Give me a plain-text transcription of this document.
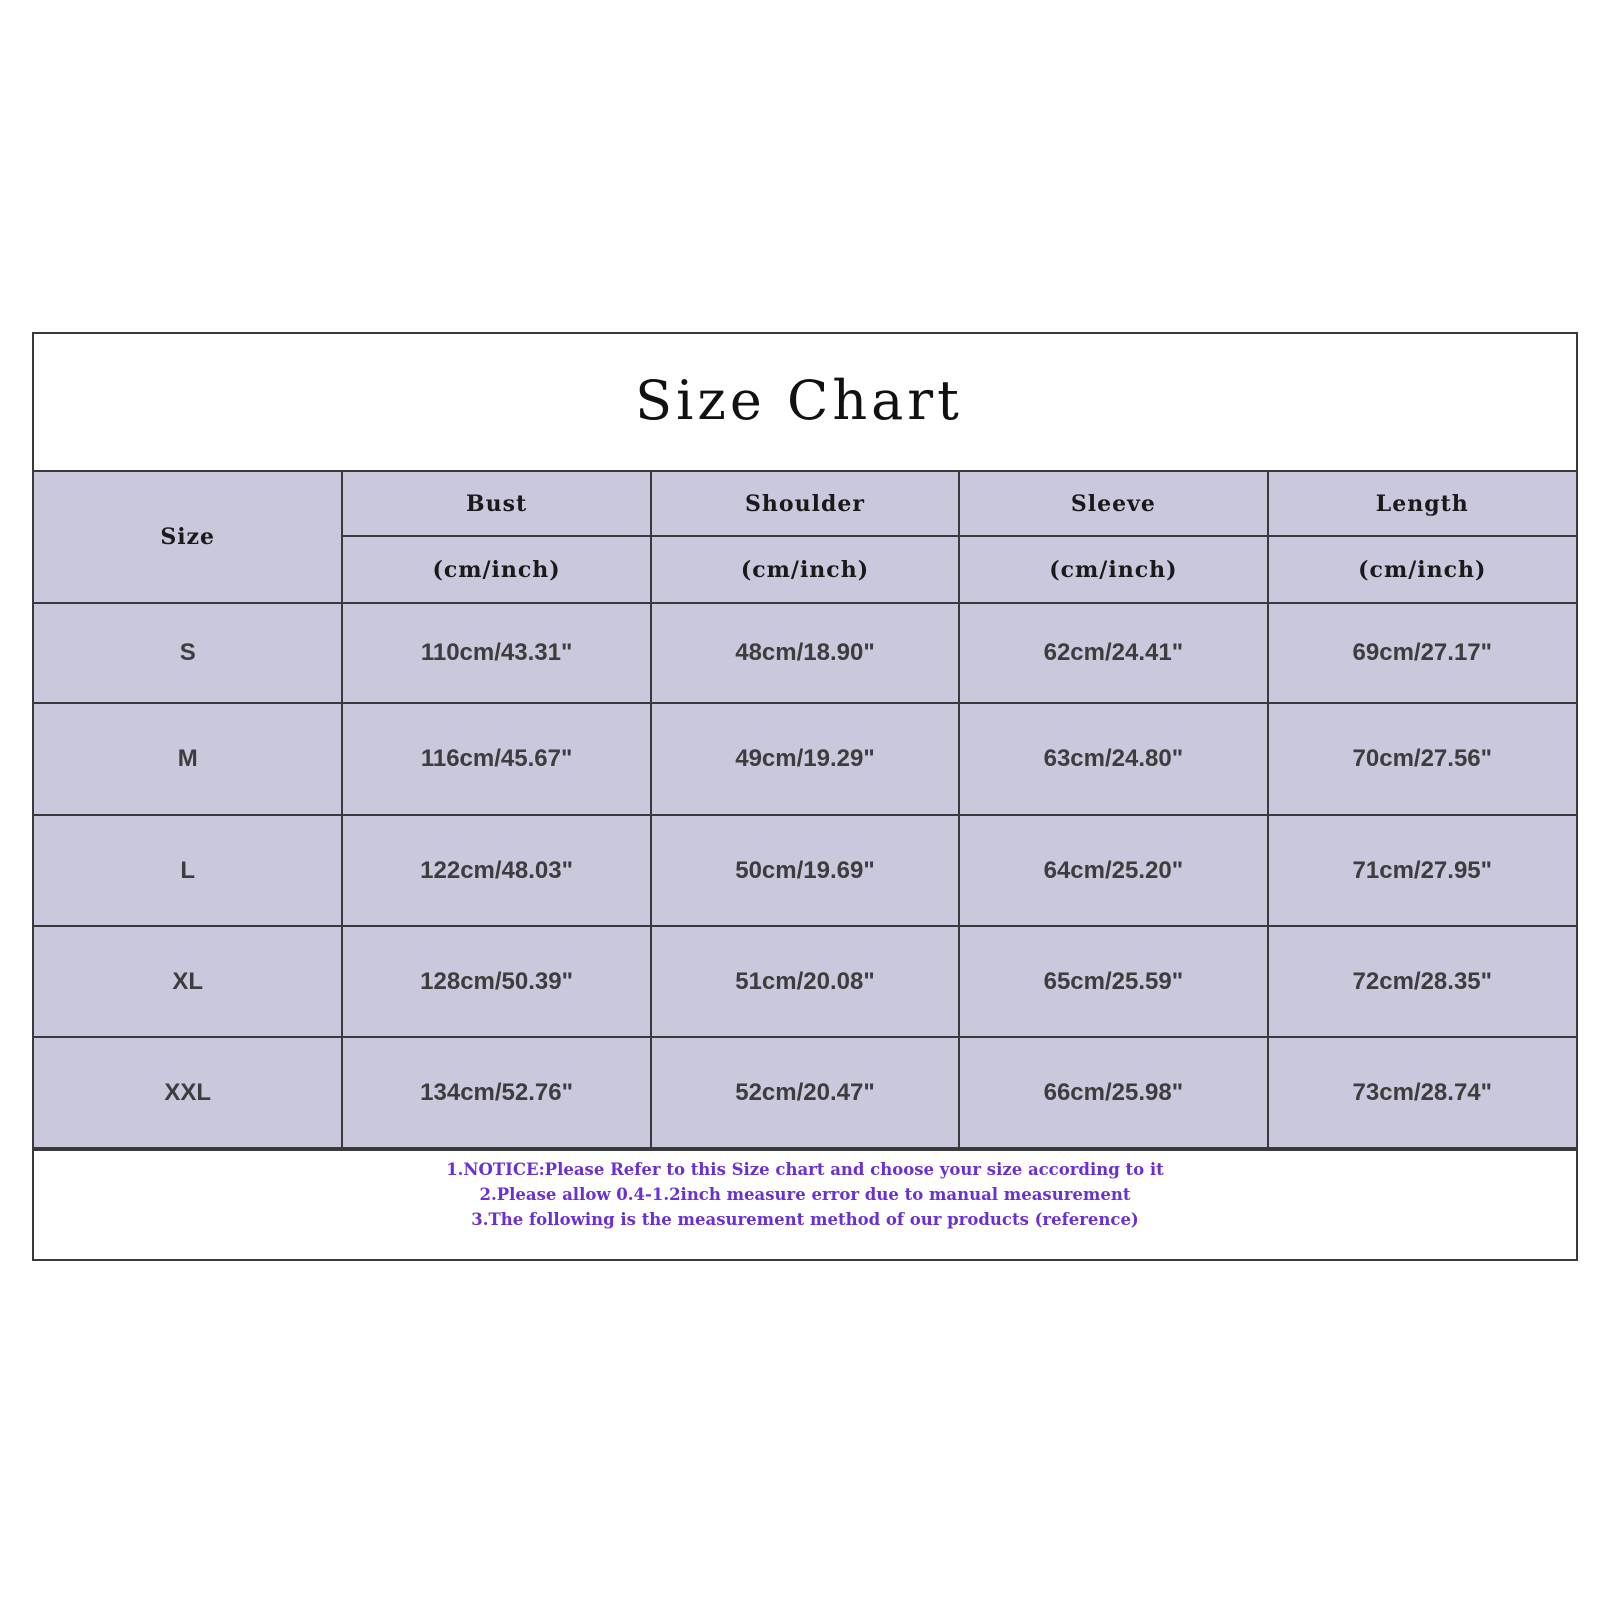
Size Chart
Size	Bust	Shoulder	Sleeve	Length
	(cm/inch)	(cm/inch)	(cm/inch)	(cm/inch)
S	110cm/43.31"	48cm/18.90"	62cm/24.41"	69cm/27.17"
M	116cm/45.67"	49cm/19.29"	63cm/24.80"	70cm/27.56"
L	122cm/48.03"	50cm/19.69"	64cm/25.20"	71cm/27.95"
XL	128cm/50.39"	51cm/20.08"	65cm/25.59"	72cm/28.35"
XXL	134cm/52.76"	52cm/20.47"	66cm/25.98"	73cm/28.74"
1.NOTICE:Please Refer to this Size chart and choose your size according to it
2.Please allow 0.4-1.2inch measure error due to manual measurement
3.The following is the measurement method of our products (reference)
